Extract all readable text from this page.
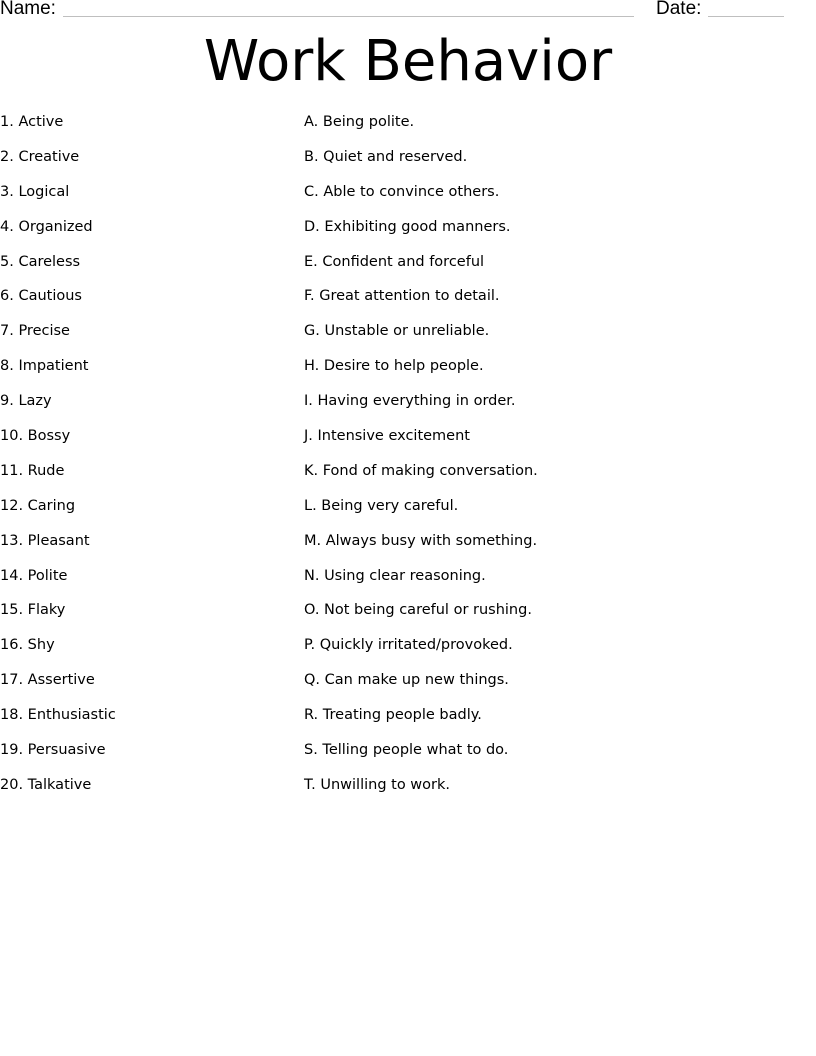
Name:	Date:
Work Behavior
1. Active
2. Creative
3. Logical
4. Organized
5. Careless
6. Cautious
7. Precise
8. Impatient
9. Lazy
10. Bossy
11. Rude
12. Caring
13. Pleasant
14. Polite
15. Flaky
16. Shy
17. Assertive
18. Enthusiastic
19. Persuasive
20. Talkative
A. Being polite.
B. Quiet and reserved.
C. Able to convince others.
D. Exhibiting good manners.
E. Confident and forceful
F. Great attention to detail.
G. Unstable or unreliable.
H. Desire to help people.
I. Having everything in order.
J. Intensive excitement
K. Fond of making conversation.
L. Being very careful.
M. Always busy with something.
N. Using clear reasoning.
O. Not being careful or rushing.
P. Quickly irritated/provoked.
Q. Can make up new things.
R. Treating people badly.
S. Telling people what to do.
T. Unwilling to work.
